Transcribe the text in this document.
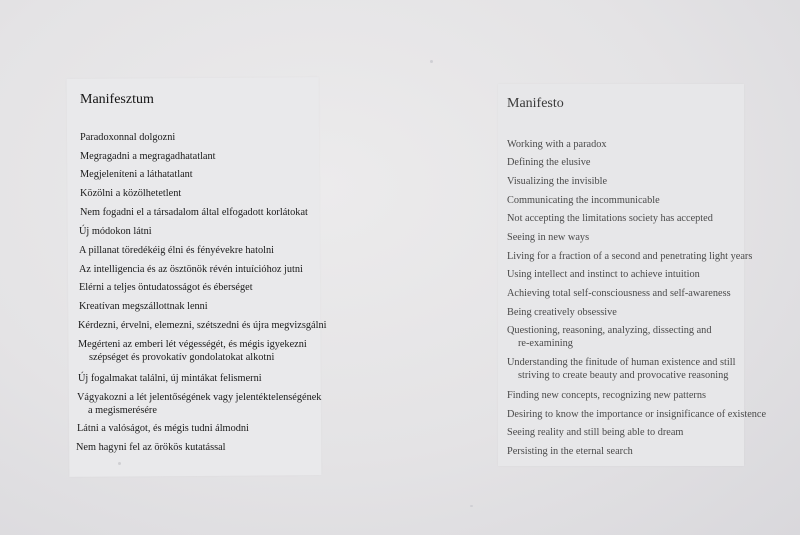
Manifesztum
Paradoxonnal dolgozni
Megragadni a megragadhatatlant
Megjeleníteni a láthatatlant
Közölni a közölhetetlent
Nem fogadni el a társadalom által elfogadott korlátokat
Új módokon látni
A pillanat töredékéig élni és fényévekre hatolni
Az intelligencia és az ösztönök révén intuícióhoz jutni
Elérni a teljes öntudatosságot és éberséget
Kreatívan megszállottnak lenni
Kérdezni, érvelni, elemezni, szétszedni és újra megvizsgálni
Megérteni az emberi lét végességét, és mégis igyekezni
szépséget és provokatív gondolatokat alkotni
Új fogalmakat találni, új mintákat felismerni
Vágyakozni a lét jelentőségének vagy jelentéktelenségének
a megismerésére
Látni a valóságot, és mégis tudni álmodni
Nem hagyni fel az örökös kutatással
Manifesto
Working with a paradox
Defining the elusive
Visualizing the invisible
Communicating the incommunicable
Not accepting the limitations society has accepted
Seeing in new ways
Living for a fraction of a second and penetrating light years
Using intellect and instinct to achieve intuition
Achieving total self-consciousness and self-awareness
Being creatively obsessive
Questioning, reasoning, analyzing, dissecting and
re-examining
Understanding the finitude of human existence and still
striving to create beauty and provocative reasoning
Finding new concepts, recognizing new patterns
Desiring to know the importance or insignificance of existence
Seeing reality and still being able to dream
Persisting in the eternal search
